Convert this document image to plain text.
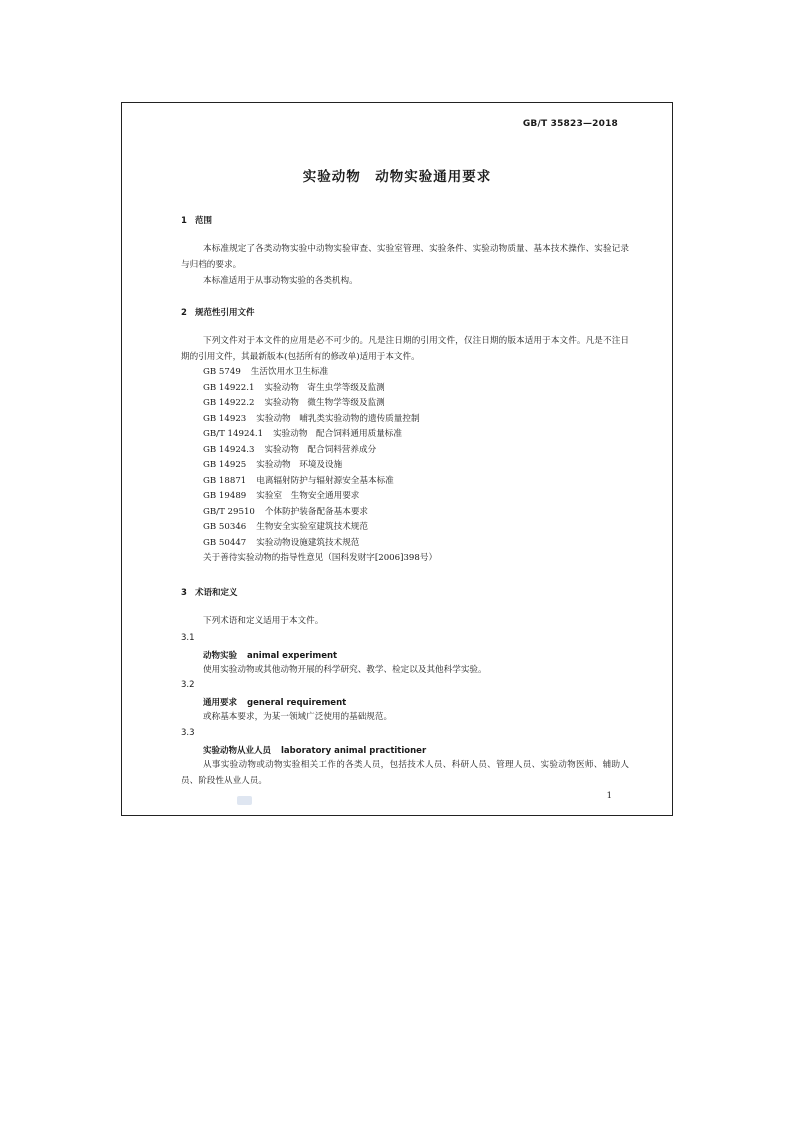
GB/T 35823—2018
实验动物　动物实验通用要求
1 范围
本标准规定了各类动物实验中动物实验审查、实验室管理、实验条件、实验动物质量、基本技术操作、实验记录与归档的要求。
本标准适用于从事动物实验的各类机构。
2 规范性引用文件
下列文件对于本文件的应用是必不可少的。凡是注日期的引用文件，仅注日期的版本适用于本文件。凡是不注日期的引用文件，其最新版本(包括所有的修改单)适用于本文件。
GB 5749 生活饮用水卫生标准
GB 14922.1 实验动物　寄生虫学等级及监测
GB 14922.2 实验动物　微生物学等级及监测
GB 14923 实验动物　哺乳类实验动物的遗传质量控制
GB/T 14924.1 实验动物　配合饲料通用质量标准
GB 14924.3 实验动物　配合饲料营养成分
GB 14925 实验动物　环境及设施
GB 18871 电离辐射防护与辐射源安全基本标准
GB 19489 实验室　生物安全通用要求
GB/T 29510 个体防护装备配备基本要求
GB 50346 生物安全实验室建筑技术规范
GB 50447 实验动物设施建筑技术规范
关于善待实验动物的指导性意见（国科发财字[2006]398号）
3 术语和定义
下列术语和定义适用于本文件。
3.1
动物实验 animal experiment
使用实验动物或其他动物开展的科学研究、教学、检定以及其他科学实验。
3.2
通用要求 general requirement
或称基本要求，为某一领域广泛使用的基础规范。
3.3
实验动物从业人员 laboratory animal practitioner
从事实验动物或动物实验相关工作的各类人员，包括技术人员、科研人员、管理人员、实验动物医师、辅助人员、阶段性从业人员。
1
